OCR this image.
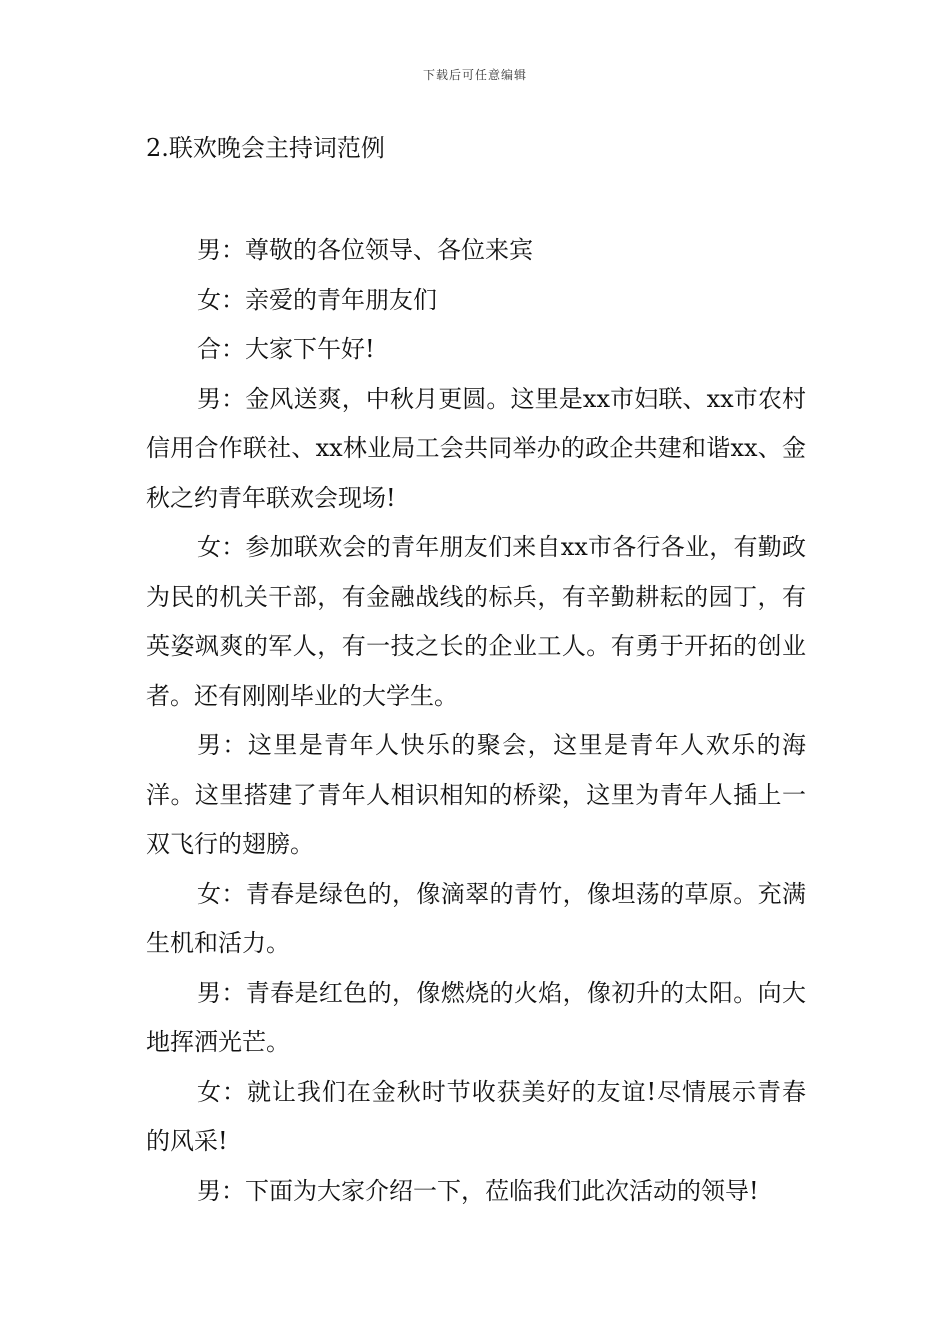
下载后可任意编辑
2.联欢晚会主持词范例

男：尊敬的各位领导、各位来宾

女：亲爱的青年朋友们

合：大家下午好!

男：金风送爽，中秋月更圆。这里是xx市妇联、xx市农村信用合作联社、xx林业局工会共同举办的政企共建和谐xx、金秋之约青年联欢会现场!

女：参加联欢会的青年朋友们来自xx市各行各业，有勤政为民的机关干部，有金融战线的标兵，有辛勤耕耘的园丁，有英姿飒爽的军人，有一技之长的企业工人。有勇于开拓的创业者。还有刚刚毕业的大学生。

男：这里是青年人快乐的聚会，这里是青年人欢乐的海洋。这里搭建了青年人相识相知的桥梁，这里为青年人插上一双飞行的翅膀。

女：青春是绿色的，像滴翠的青竹，像坦荡的草原。充满生机和活力。

男：青春是红色的，像燃烧的火焰，像初升的太阳。向大地挥洒光芒。

女：就让我们在金秋时节收获美好的友谊!尽情展示青春的风采!

男：下面为大家介绍一下，莅临我们此次活动的领导!
